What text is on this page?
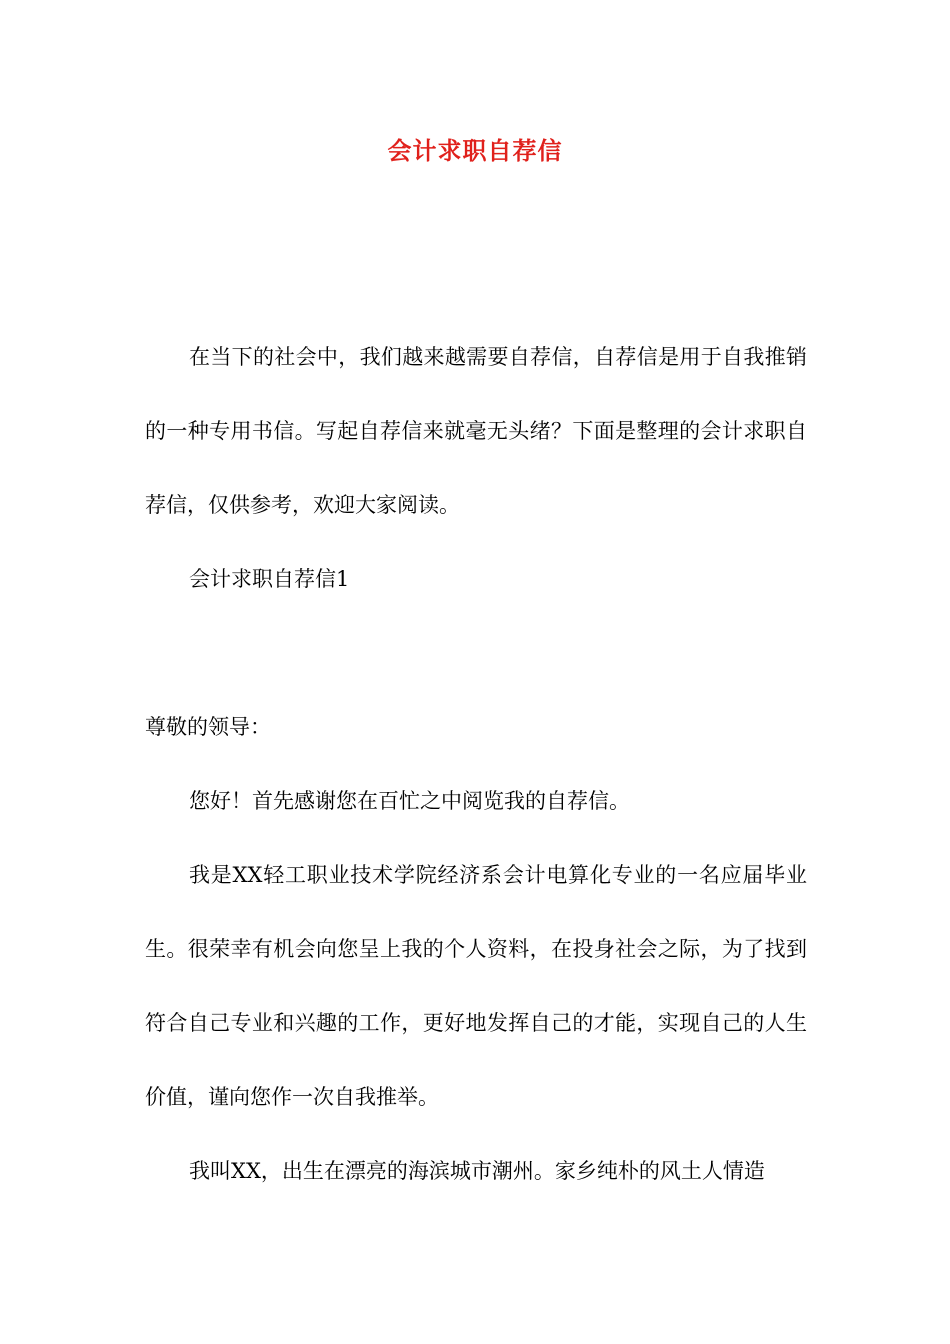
会计求职自荐信

在当下的社会中，我们越来越需要自荐信，自荐信是用于自我推销的一种专用书信。写起自荐信来就毫无头绪？下面是整理的会计求职自荐信，仅供参考，欢迎大家阅读。

会计求职自荐信1

尊敬的领导：

您好！首先感谢您在百忙之中阅览我的自荐信。

我是XX轻工职业技术学院经济系会计电算化专业的一名应届毕业生。很荣幸有机会向您呈上我的个人资料，在投身社会之际，为了找到符合自己专业和兴趣的工作，更好地发挥自己的才能，实现自己的人生价值，谨向您作一次自我推举。

我叫XX，出生在漂亮的海滨城市潮州。家乡纯朴的风土人情造
